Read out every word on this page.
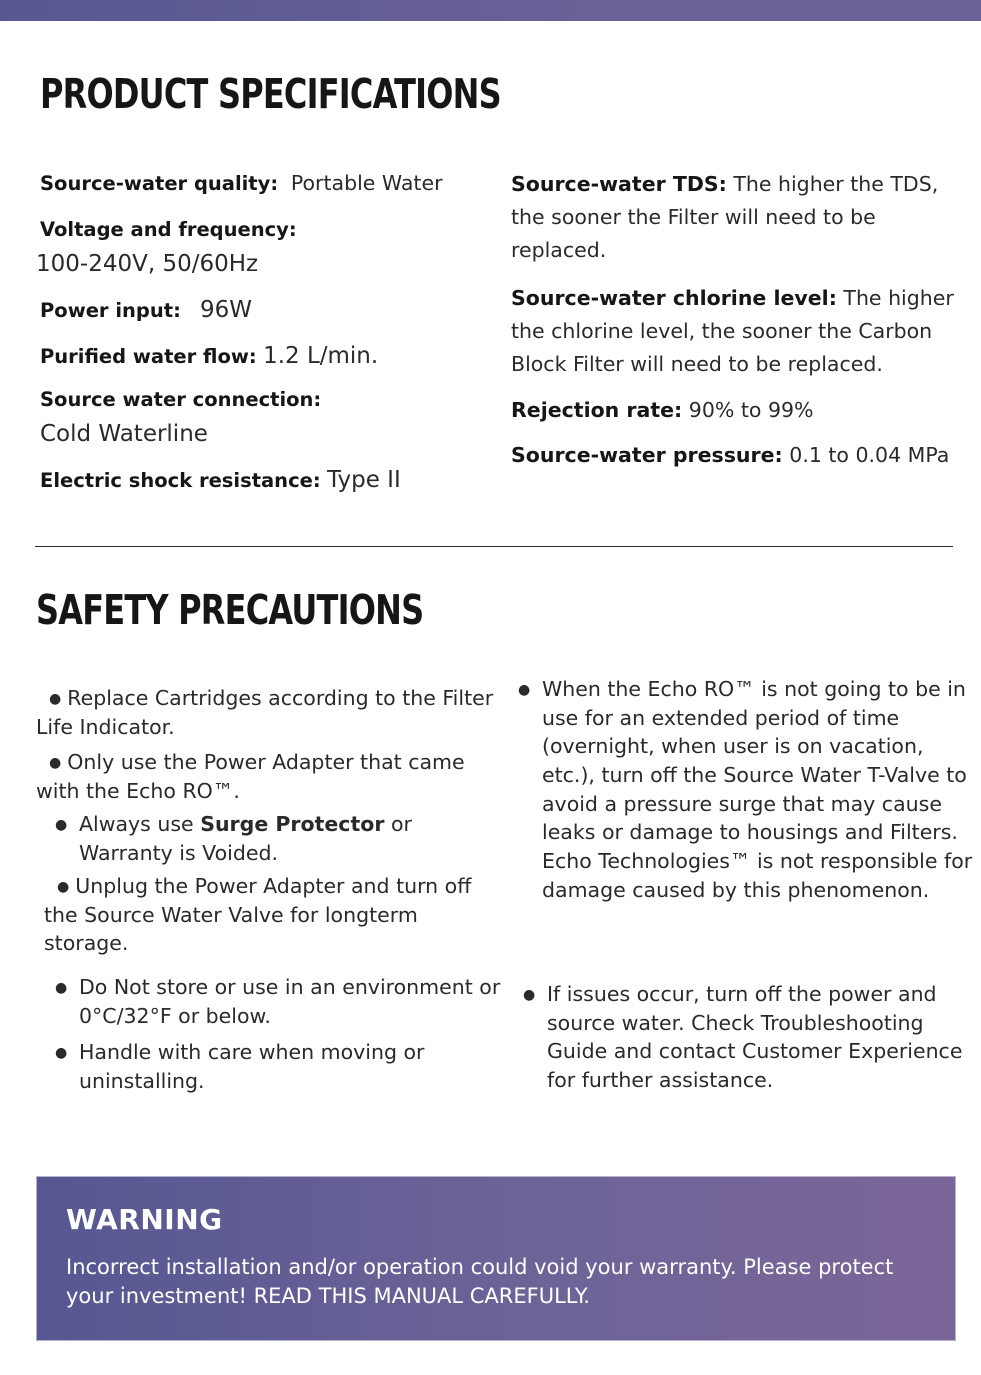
PRODUCT SPECIFICATIONS
Source-water quality: Portable Water
Voltage and frequency:
100-240V, 50/60Hz
Power input: 96W
Purified water flow: 1.2 L/min.
Source water connection:
Cold Waterline
Electric shock resistance: Type II
Source-water TDS: The higher the TDS, the sooner the Filter will need to be replaced.
Source-water chlorine level: The higher the chlorine level, the sooner the Carbon Block Filter will need to be replaced.
Rejection rate: 90% to 99%
Source-water pressure: 0.1 to 0.04 MPa
SAFETY PRECAUTIONS
● Replace Cartridges according to the Filter Life Indicator.
● Only use the Power Adapter that came with the Echo RO™.
● Always use Surge Protector or Warranty is Voided.
● Unplug the Power Adapter and turn off the Source Water Valve for longterm storage.
● Do Not store or use in an environment or 0°C/32°F or below.
● Handle with care when moving or uninstalling.
● When the Echo RO™ is not going to be in use for an extended period of time (overnight, when user is on vacation, etc.), turn off the Source Water T-Valve to avoid a pressure surge that may cause leaks or damage to housings and Filters. Echo Technologies™ is not responsible for damage caused by this phenomenon.
● If issues occur, turn off the power and source water. Check Troubleshooting Guide and contact Customer Experience for further assistance.
WARNING
Incorrect installation and/or operation could void your warranty. Please protect your investment! READ THIS MANUAL CAREFULLY.
